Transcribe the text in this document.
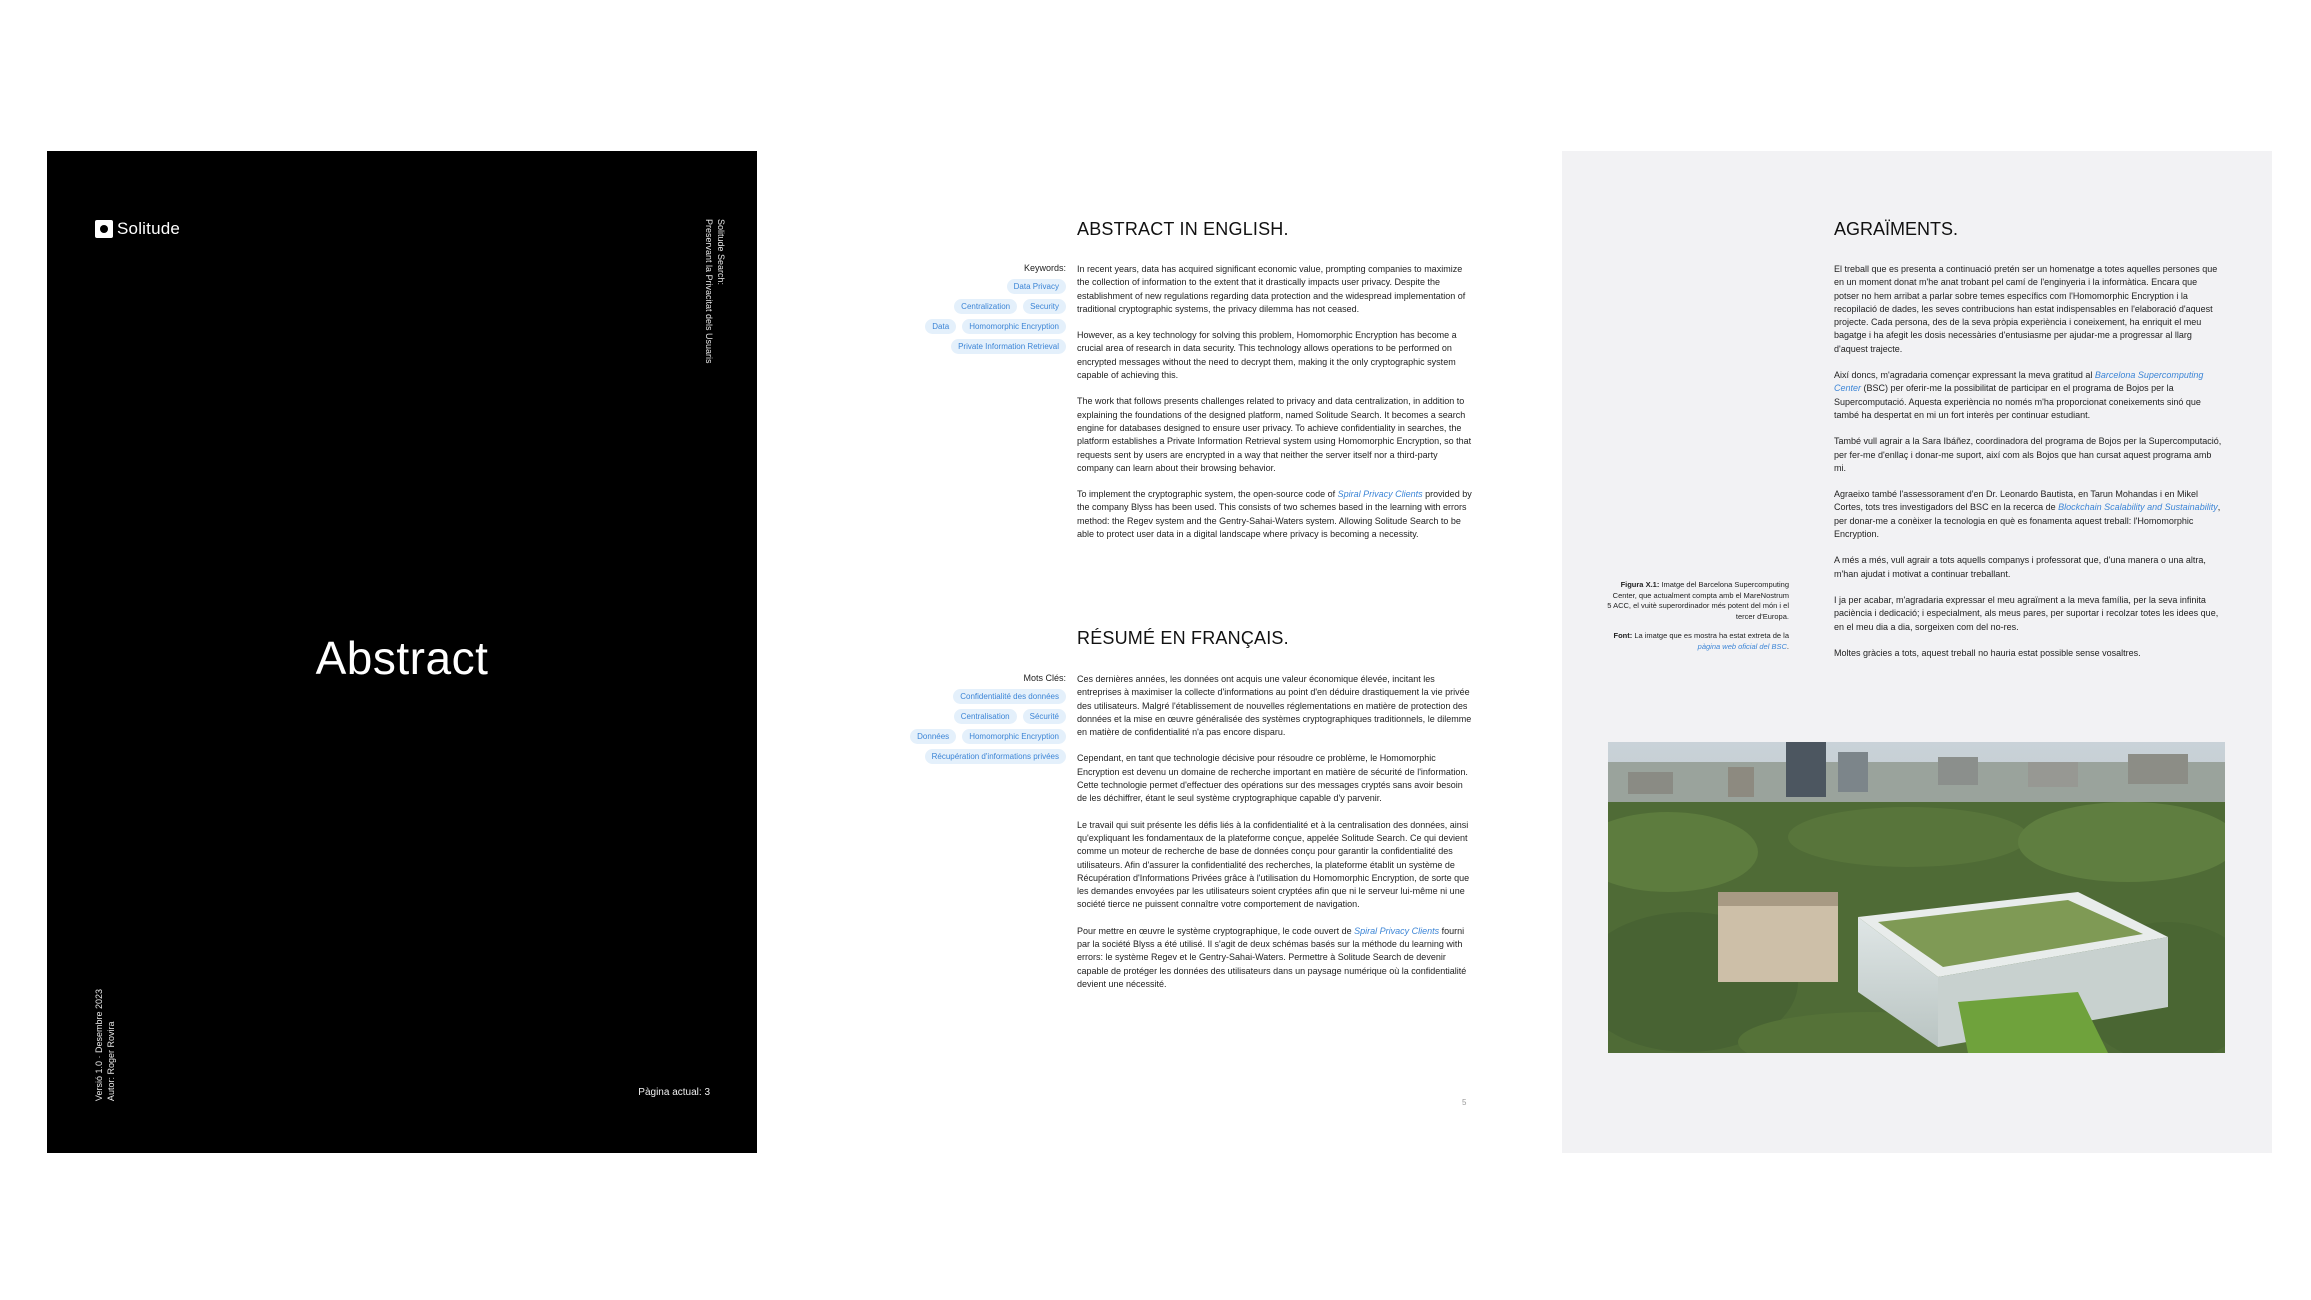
Solitude	Solitude Search:
Preservant la Privacitat dels Usuaris
Abstract
Versió 1.0 · Desembre 2023 Autor: Roger Rovira	Pàgina actual: 3
ABSTRACT IN ENGLISH.
Keywords:
Data Privacy
Centralization	Security
Data	Homomorphic Encryption
Private Information Retrieval

In recent years, data has acquired significant economic value, prompting companies to maximize the collection of information to the extent that it drastically impacts user privacy. Despite the establishment of new regulations regarding data protection and the widespread implementation of traditional cryptographic systems, the privacy dilemma has not ceased.

However, as a key technology for solving this problem, Homomorphic Encryption has become a crucial area of research in data security. This technology allows operations to be performed on encrypted messages without the need to decrypt them, making it the only cryptographic system capable of achieving this.

The work that follows presents challenges related to privacy and data centralization, in addition to explaining the foundations of the designed platform, named Solitude Search. It becomes a search engine for databases designed to ensure user privacy. To achieve confidentiality in searches, the platform establishes a Private Information Retrieval system using Homomorphic Encryption, so that requests sent by users are encrypted in a way that neither the server itself nor a third-party company can learn about their browsing behavior.

To implement the cryptographic system, the open-source code of Spiral Privacy Clients provided by the company Blyss has been used. This consists of two schemes based in the learning with errors method: the Regev system and the Gentry-Sahai-Waters system. Allowing Solitude Search to be able to protect user data in a digital landscape where privacy is becoming a necessity.

RÉSUMÉ EN FRANÇAIS.
Mots Clés:
Confidentialité des données
Centralisation	Sécurité
Données	Homomorphic Encryption
Récupération d'informations privées

Ces dernières années, les données ont acquis une valeur économique élevée, incitant les entreprises à maximiser la collecte d'informations au point d'en déduire drastiquement la vie privée des utilisateurs. Malgré l'établissement de nouvelles réglementations en matière de protection des données et la mise en œuvre généralisée des systèmes cryptographiques traditionnels, le dilemme en matière de confidentialité n'a pas encore disparu.

Cependant, en tant que technologie décisive pour résoudre ce problème, le Homomorphic Encryption est devenu un domaine de recherche important en matière de sécurité de l'information. Cette technologie permet d'effectuer des opérations sur des messages cryptés sans avoir besoin de les déchiffrer, étant le seul système cryptographique capable d'y parvenir.

Le travail qui suit présente les défis liés à la confidentialité et à la centralisation des données, ainsi qu'expliquant les fondamentaux de la plateforme conçue, appelée Solitude Search. Ce qui devient comme un moteur de recherche de base de données conçu pour garantir la confidentialité des utilisateurs. Afin d'assurer la confidentialité des recherches, la plateforme établit un système de Récupération d'Informations Privées grâce à l'utilisation du Homomorphic Encryption, de sorte que les demandes envoyées par les utilisateurs soient cryptées afin que ni le serveur lui-même ni une société tierce ne puissent connaître votre comportement de navigation.

Pour mettre en œuvre le système cryptographique, le code ouvert de Spiral Privacy Clients fourni par la société Blyss a été utilisé. Il s'agit de deux schémas basés sur la méthode du learning with errors: le système Regev et le Gentry-Sahai-Waters. Permettre à Solitude Search de devenir capable de protéger les données des utilisateurs dans un paysage numérique où la confidentialité devient une nécessité.

5
AGRAÏMENTS.

El treball que es presenta a continuació pretén ser un homenatge a totes aquelles persones que en un moment donat m'he anat trobant pel camí de l'enginyeria i la informàtica. Encara que potser no hem arribat a parlar sobre temes específics com l'Homomorphic Encryption i la recopilació de dades, les seves contribucions han estat indispensables en l'elaboració d'aquest projecte. Cada persona, des de la seva pròpia experiència i coneixement, ha enriquit el meu bagatge i ha afegit les dosis necessàries d'entusiasme per ajudar-me a progressar al llarg d'aquest trajecte.

Així doncs, m'agradaria començar expressant la meva gratitud al Barcelona Supercomputing Center (BSC) per oferir-me la possibilitat de participar en el programa de Bojos per la Supercomputació. Aquesta experiència no només m'ha proporcionat coneixements sinó que també ha despertat en mi un fort interès per continuar estudiant.

També vull agrair a la Sara Ibáñez, coordinadora del programa de Bojos per la Supercomputació, per fer-me d'enllaç i donar-me suport, així com als Bojos que han cursat aquest programa amb mi.

Agraeixo també l'assessorament d'en Dr. Leonardo Bautista, en Tarun Mohandas i en Mikel Cortes, tots tres investigadors del BSC en la recerca de Blockchain Scalability and Sustainability, per donar-me a conèixer la tecnologia en què es fonamenta aquest treball: l'Homomorphic Encryption.

A més a més, vull agrair a tots aquells companys i professorat que, d'una manera o una altra, m'han ajudat i motivat a continuar treballant.

I ja per acabar, m'agradaria expressar el meu agraïment a la meva família, per la seva infinita paciència i dedicació; i especialment, als meus pares, per suportar i recolzar totes les idees que, en el meu dia a dia, sorgeixen com del no-res.

Moltes gràcies a tots, aquest treball no hauria estat possible sense vosaltres.

Figura X.1: Imatge del Barcelona Supercomputing Center, que actualment compta amb el MareNostrum 5 ACC, el vuitè superordinador més potent del món i el tercer d'Europa.
Font: La imatge que es mostra ha estat extreta de la pàgina web oficial del BSC.
